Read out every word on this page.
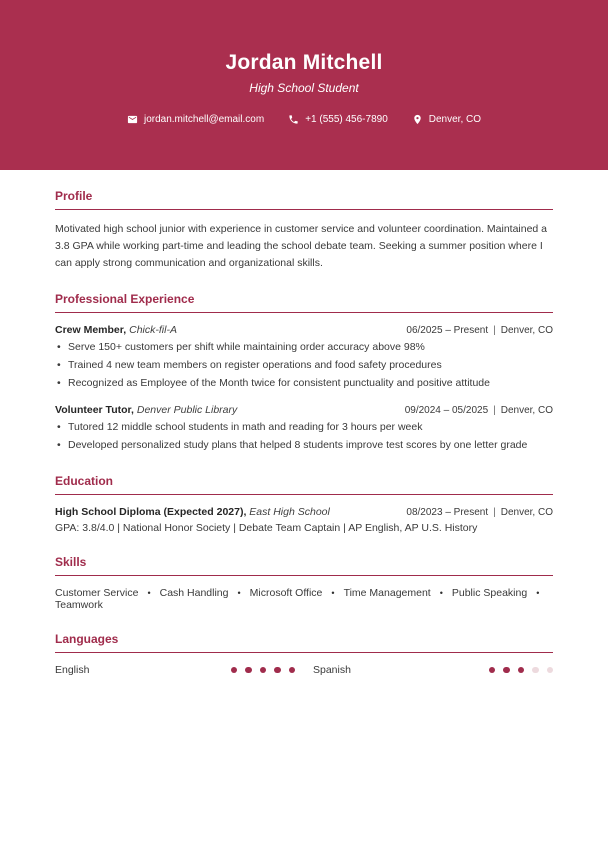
Jordan Mitchell
High School Student
jordan.mitchell@email.com	+1 (555) 456-7890	Denver, CO
Profile

Motivated high school junior with experience in customer service and volunteer coordination. Maintained a 3.8 GPA while working part-time and leading the school debate team. Seeking a summer position where I can apply strong communication and organizational skills.

Professional Experience
Crew Member, Chick-fil-A	06/2025 – Present | Denver, CO
• Serve 150+ customers per shift while maintaining order accuracy above 98%
• Trained 4 new team members on register operations and food safety procedures
• Recognized as Employee of the Month twice for consistent punctuality and positive attitude
Volunteer Tutor, Denver Public Library	09/2024 – 05/2025 | Denver, CO
• Tutored 12 middle school students in math and reading for 3 hours per week
• Developed personalized study plans that helped 8 students improve test scores by one letter grade
Education
High School Diploma (Expected 2027), East High School	08/2023 – Present | Denver, CO
GPA: 3.8/4.0 | National Honor Society | Debate Team Captain | AP English, AP U.S. History
Skills
Customer Service • Cash Handling • Microsoft Office • Time Management • Public Speaking •
Teamwork
Languages
English	Spanish
